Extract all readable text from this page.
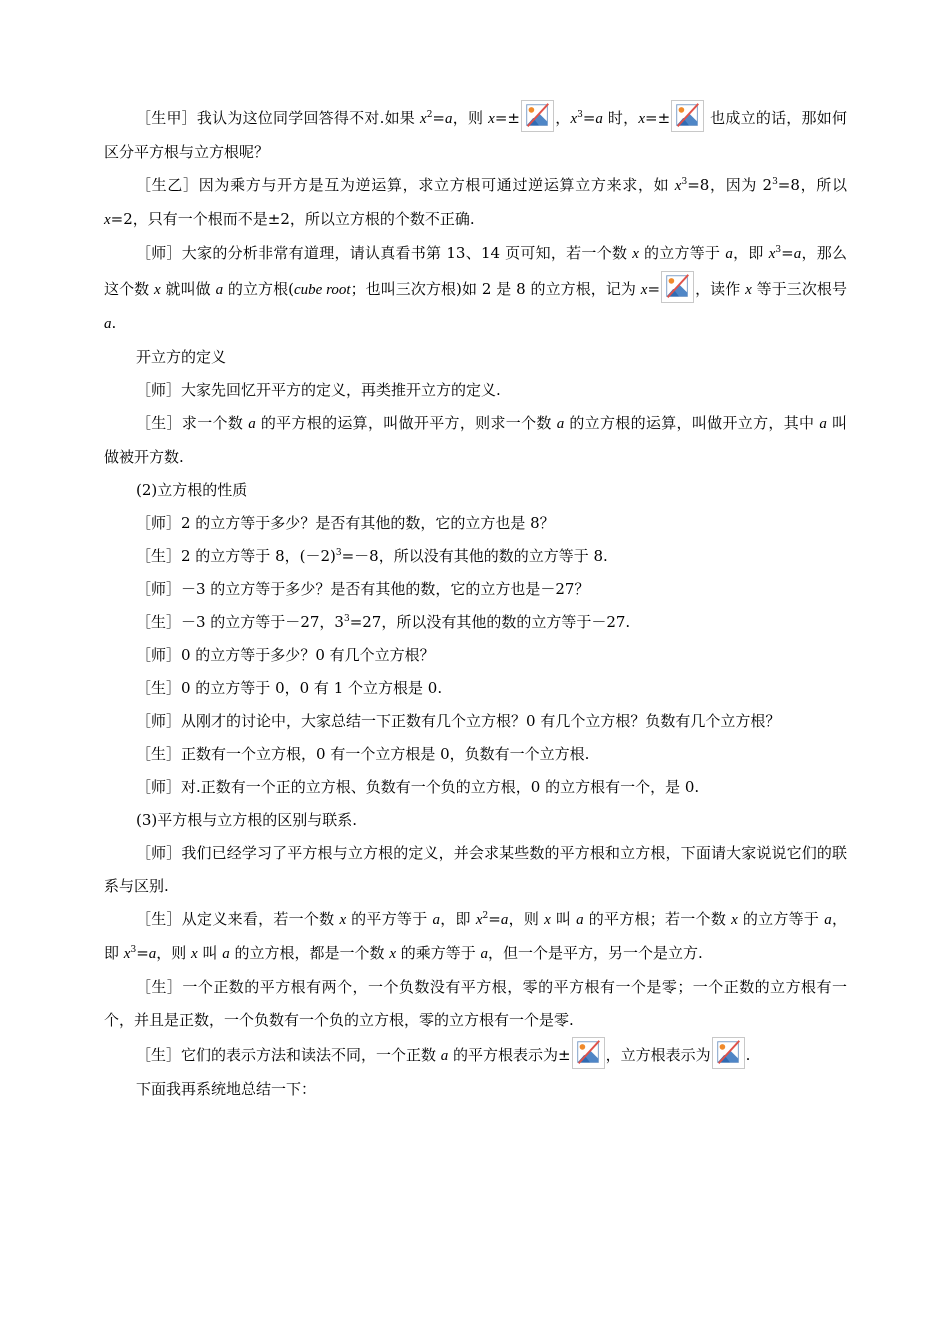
［生甲］我认为这位同学回答得不对.如果 $x^2=a$，则 x=± ，$x^3=a$ 时，x=±
也成立的话，那如何区分平方根与立方根呢？

［生乙］因为乘方与开方是互为逆运算，求立方根可通过逆运算立方来求，如 $x^3=8$，因为 $2^3=8$，所以 x=2，只有一个根而不是±2，所以立方根的个数不正确.

［师］大家的分析非常有道理，请认真看书第 13、14 页可知，若一个数 x 的立方等于 a，即 $x^3=a$，那么这个数 x 就叫做 a 的立方根(cube root；也叫三次方根)如 2 是 8 的立方根，记为 x= ，读作 x 等于三次根号 a.

开立方的定义

［师］大家先回忆开平方的定义，再类推开立方的定义.

［生］求一个数 a 的平方根的运算，叫做开平方，则求一个数 a 的立方根的运算，叫做开立方，其中 a 叫做被开方数.

(2)立方根的性质

［师］2 的立方等于多少？是否有其他的数，它的立方也是 8？

［生］2 的立方等于 8，$(-2)^3=-8$，所以没有其他的数的立方等于 8.

［师］－3 的立方等于多少？是否有其他的数，它的立方也是－27？

［生］－3 的立方等于－27，$3^3=27$，所以没有其他的数的立方等于－27.

［师］0 的立方等于多少？0 有几个立方根？

［生］0 的立方等于 0，0 有 1 个立方根是 0.

［师］从刚才的讨论中，大家总结一下正数有几个立方根？0 有几个立方根？负数有几个立方根？

［生］正数有一个立方根，0 有一个立方根是 0，负数有一个立方根.

［师］对.正数有一个正的立方根、负数有一个负的立方根，0 的立方根有一个，是 0.

(3)平方根与立方根的区别与联系.

［师］我们已经学习了平方根与立方根的定义，并会求某些数的平方根和立方根，下面请大家说说它们的联系与区别.

［生］从定义来看，若一个数 x 的平方等于 a，即 $x^2=a$，则 x 叫 a 的平方根；若一个数 x 的立方等于 a，即 $x^3=a$，则 x 叫 a 的立方根，都是一个数 x 的乘方等于 a，但一个是平方，另一个是立方.

［生］一个正数的平方根有两个，一个负数没有平方根，零的平方根有一个是零；一个正数的立方根有一个，并且是正数，一个负数有一个负的立方根，零的立方根有一个是零.

［生］它们的表示方法和读法不同，一个正数 a 的平方根表示为± ，立方根表示为 .

下面我再系统地总结一下：
